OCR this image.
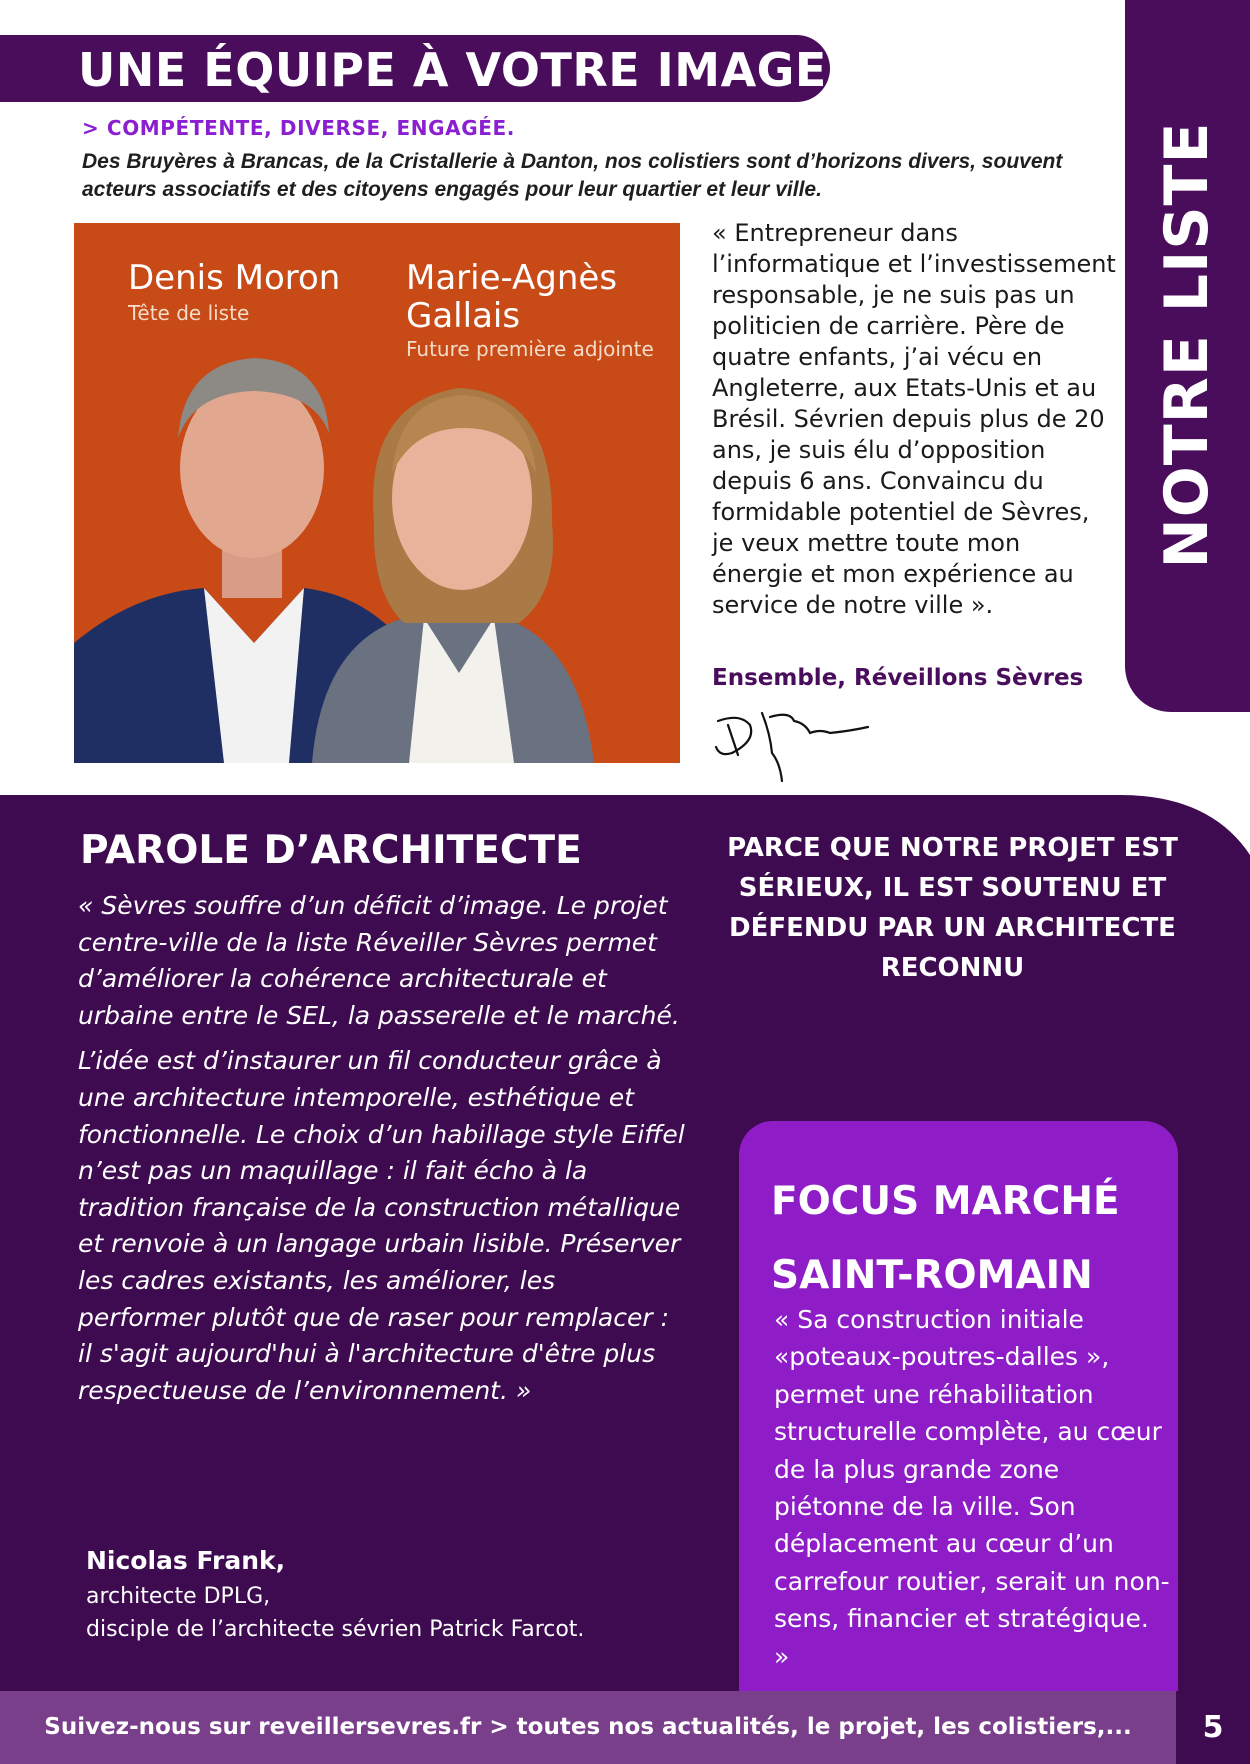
UNE ÉQUIPE À VOTRE IMAGE
NOTRE LISTE
> COMPÉTENTE, DIVERSE, ENGAGÉE.
Des Bruyères à Brancas, de la Cristallerie à Danton, nos colistiers sont d’horizons divers, souvent acteurs associatifs et des citoyens engagés pour leur quartier et leur ville.
Denis Moron
Tête de liste
Marie-Agnès Gallais
Future première adjointe
« Entrepreneur dans l’informatique et l’investissement responsable, je ne suis pas un politicien de carrière. Père de quatre enfants, j’ai vécu en Angleterre, aux Etats-Unis et au Brésil. Sévrien depuis plus de 20 ans, je suis élu d’opposition depuis 6 ans. Convaincu du formidable potentiel de Sèvres, je veux mettre toute mon énergie et mon expérience au service de notre ville ».
Ensemble, Réveillons Sèvres
PAROLE D’ARCHITECTE

« Sèvres souffre d’un déficit d’image. Le projet centre-ville de la liste Réveiller Sèvres permet d’améliorer la cohérence architecturale et urbaine entre le SEL, la passerelle et le marché.

L’idée est d’instaurer un fil conducteur grâce à une architecture intemporelle, esthétique et fonctionnelle. Le choix d’un habillage style Eiffel n’est pas un maquillage : il fait écho à la tradition française de la construction métallique et renvoie à un langage urbain lisible. Préserver les cadres existants, les améliorer, les performer plutôt que de raser pour remplacer : il s'agit aujourd'hui à l'architecture d'être plus respectueuse de l’environnement. »

Nicolas Frank,
architecte DPLG,
disciple de l’architecte sévrien Patrick Farcot.
PARCE QUE NOTRE PROJET EST SÉRIEUX, IL EST SOUTENU ET DÉFENDU PAR UN ARCHITECTE RECONNU
FOCUS MARCHÉ SAINT-ROMAIN
« Sa construction initiale «poteaux-poutres-dalles », permet une réhabilitation structurelle complète, au cœur de la plus grande zone piétonne de la ville. Son déplacement au cœur d’un carrefour routier, serait un non-sens, financier et stratégique. »
Suivez-nous sur reveillersevres.fr > toutes nos actualités, le projet, les colistiers,...	5
